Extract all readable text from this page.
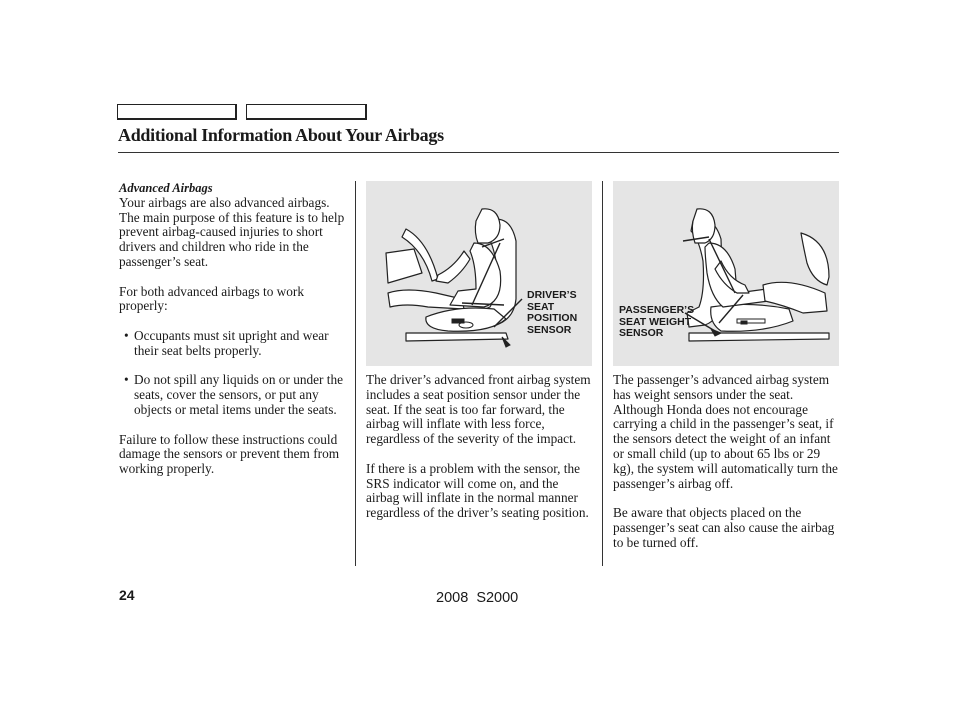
Additional Information About Your Airbags
Advanced Airbags

Your airbags are also advanced airbags. The main purpose of this feature is to help prevent airbag-caused injuries to short drivers and children who ride in the passenger’s seat.

For both advanced airbags to work properly:

• Occupants must sit upright and wear their seat belts properly.
• Do not spill any liquids on or under the seats, cover the sensors, or put any objects or metal items under the seats.

Failure to follow these instructions could damage the sensors or prevent them from working properly.

DRIVER’S
SEAT
POSITION
SENSOR
PASSENGER’S
SEAT WEIGHT
SENSOR

The driver’s advanced front airbag system includes a seat position sensor under the seat. If the seat is too far forward, the airbag will inflate with less force, regardless of the severity of the impact.

If there is a problem with the sensor, the SRS indicator will come on, and the airbag will inflate in the normal manner regardless of the driver’s seating position.

The passenger’s advanced airbag system has weight sensors under the seat. Although Honda does not encourage carrying a child in the passenger’s seat, if the sensors detect the weight of an infant or small child (up to about 65 lbs or 29 kg), the system will automatically turn the passenger’s airbag off.

Be aware that objects placed on the passenger’s seat can also cause the airbag to be turned off.

24	2008  S2000
